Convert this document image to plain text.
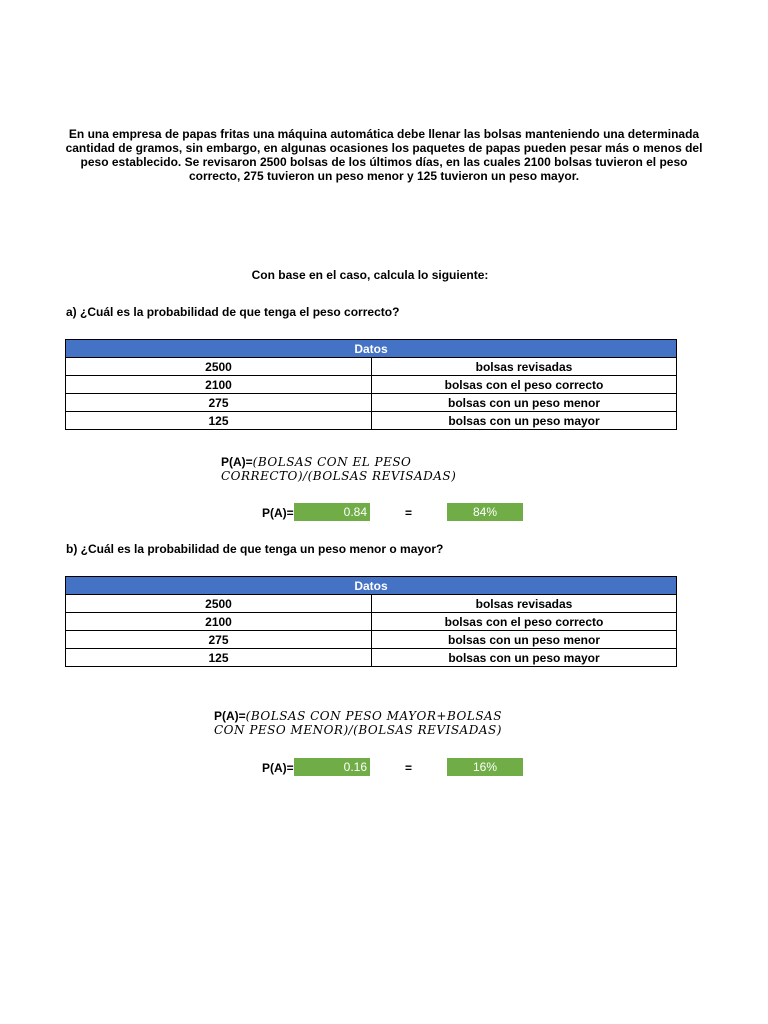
En una empresa de papas fritas una máquina automática debe llenar las bolsas manteniendo una determinada cantidad de gramos, sin embargo, en algunas ocasiones los paquetes de papas pueden pesar más o menos del peso establecido. Se revisaron 2500 bolsas de los últimos días, en las cuales 2100 bolsas tuvieron el peso correcto, 275 tuvieron un peso menor y 125 tuvieron un peso mayor.
Con base en el caso, calcula lo siguiente:
a) ¿Cuál es la probabilidad de que tenga el peso correcto?
Datos	
2500	bolsas revisadas
2100	bolsas con el peso correcto
275	bolsas con un peso menor
125	bolsas con un peso mayor
P(A)=(BOLSAS CON EL PESO CORRECTO)/(BOLSAS REVISADAS)
P(A)=	0.84	=	84%
b) ¿Cuál es la probabilidad de que tenga un peso menor o mayor?
Datos	
2500	bolsas revisadas
2100	bolsas con el peso correcto
275	bolsas con un peso menor
125	bolsas con un peso mayor
P(A)=(BOLSAS CON PESO MAYOR+BOLSAS CON PESO MENOR)/(BOLSAS REVISADAS)
P(A)=	0.16	=	16%
